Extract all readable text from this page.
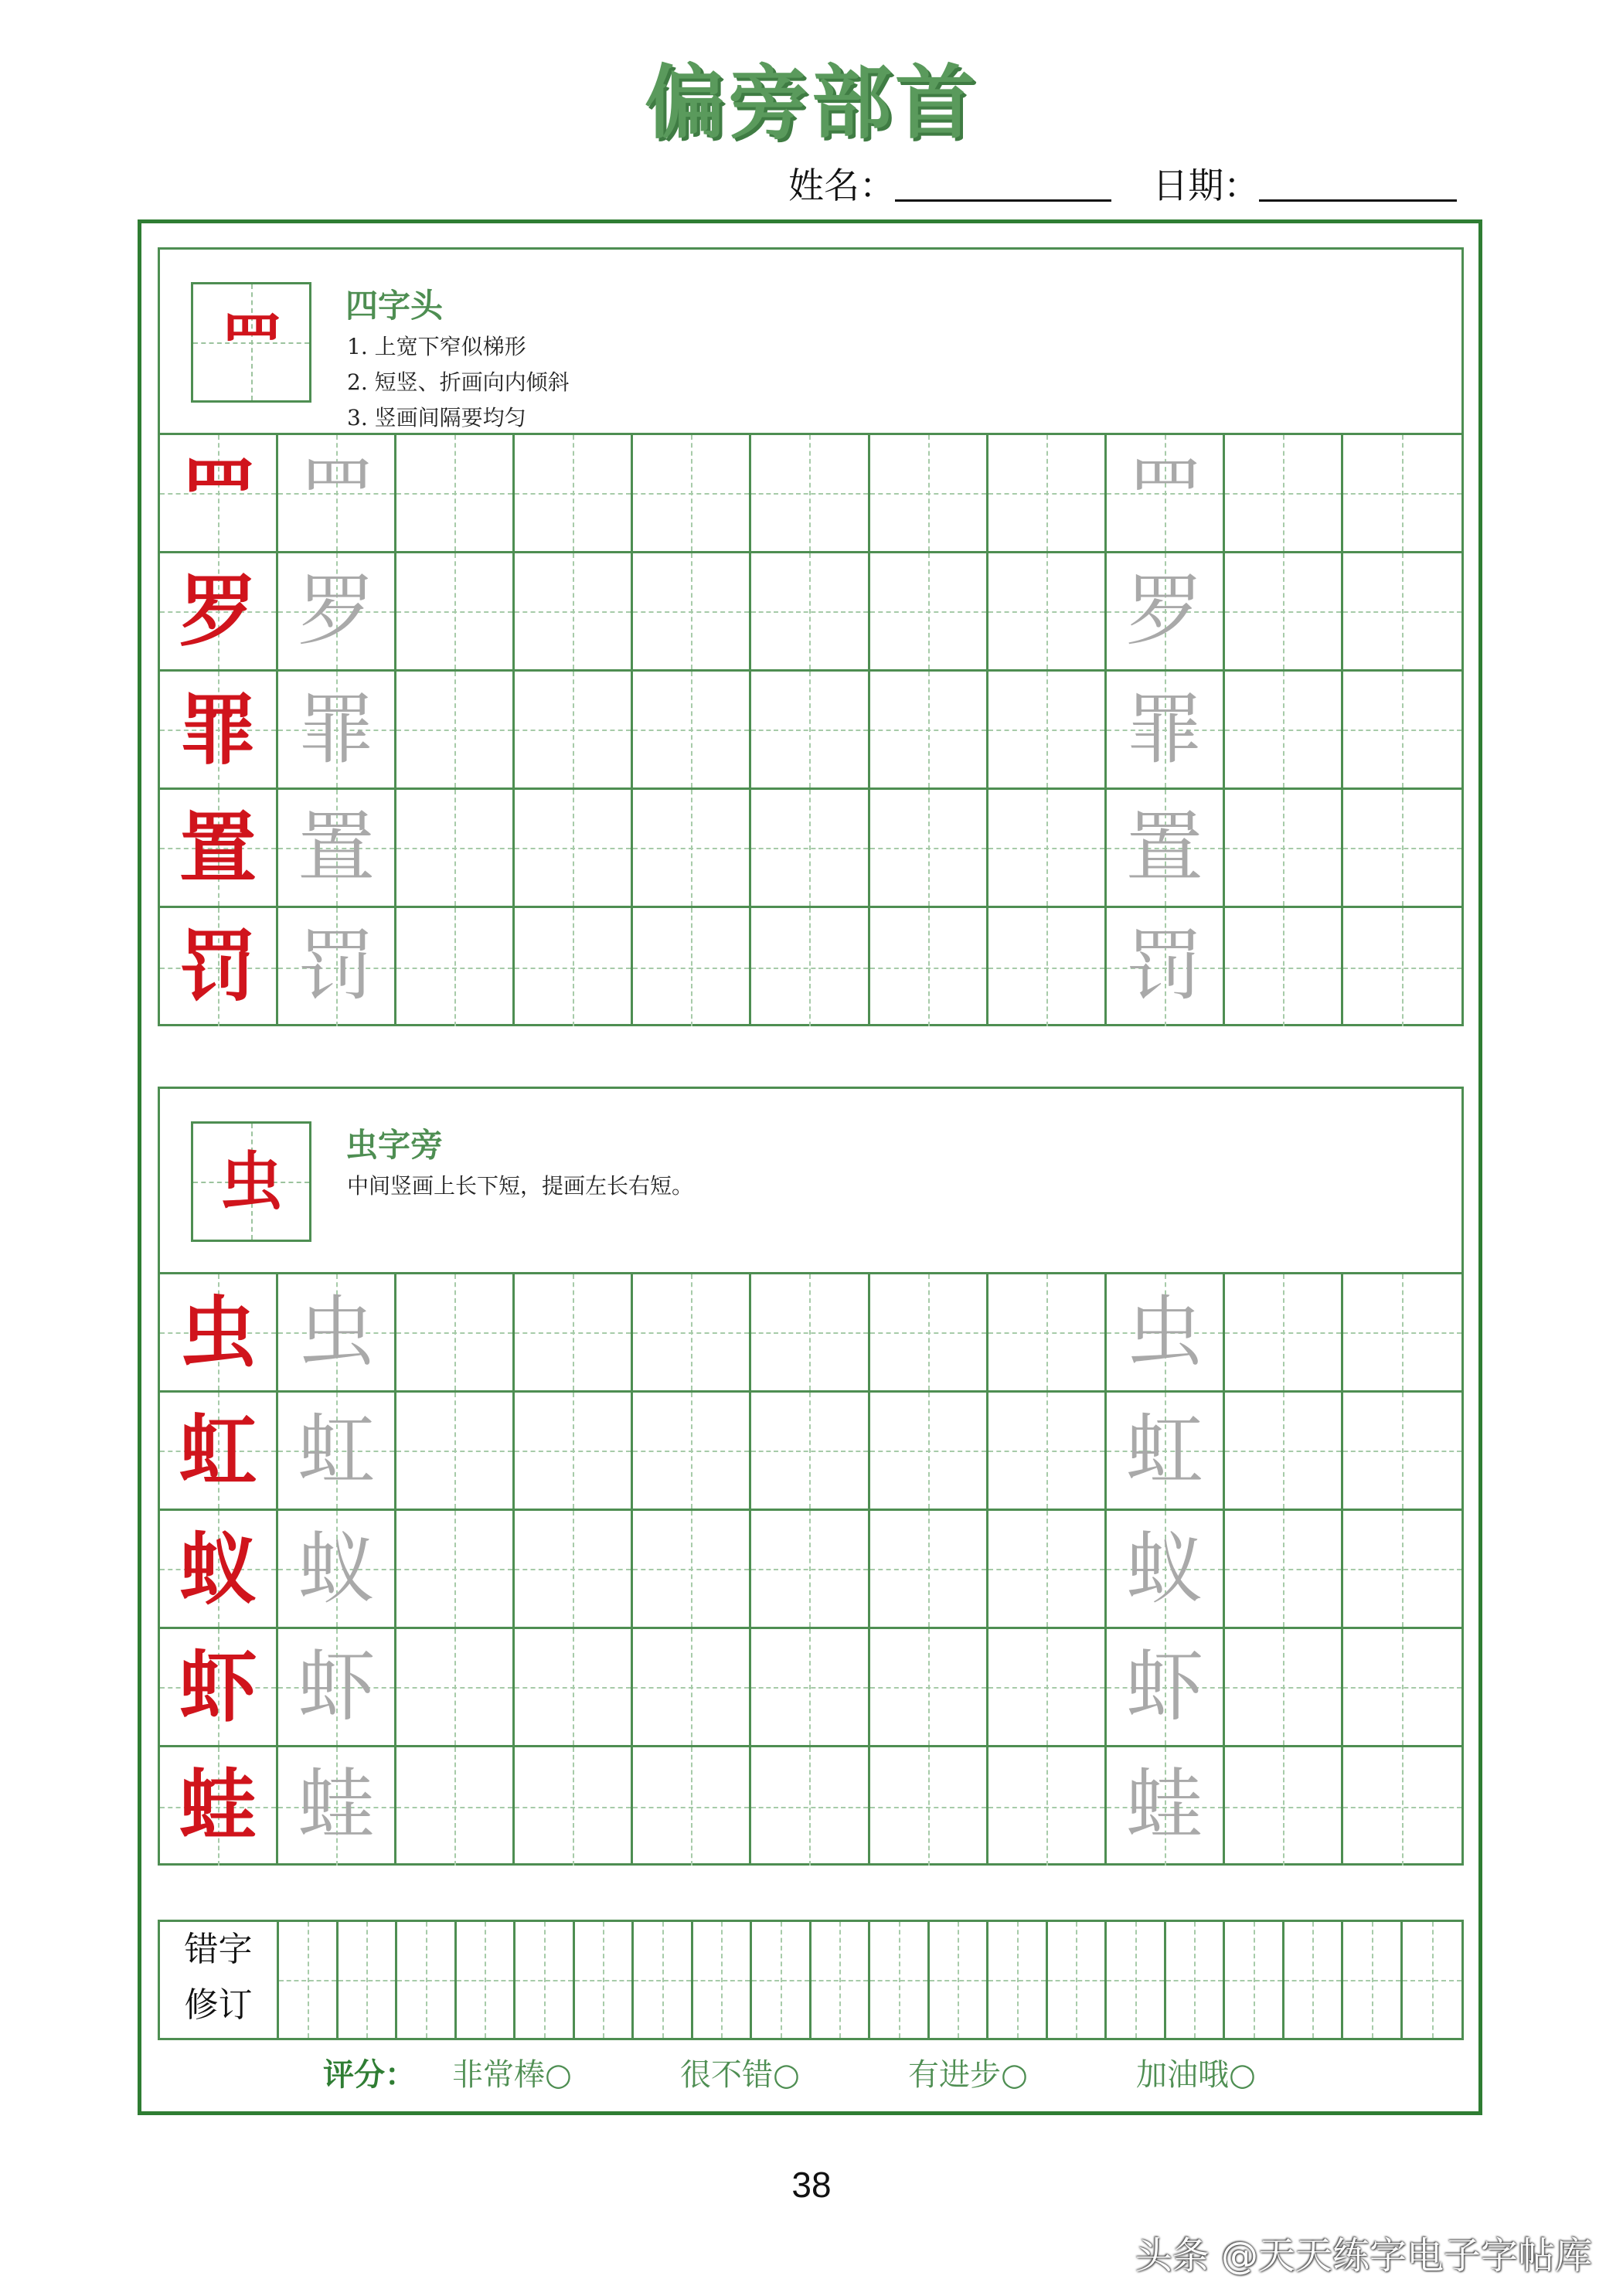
偏旁部首
姓名：	日期：
罒	四字头
1. 上宽下窄似梯形
2. 短竖、折画向内倾斜
3. 竖画间隔要均匀
罒 罒	罒
罗 罗	罗
罪 罪	罪
置 置	置
罚 罚	罚
虫	虫字旁
中间竖画上长下短，提画左长右短。
虫 虫	虫
虹 虹	虹
蚁 蚁	蚁
虾 虾	虾
蛙 蛙	蛙
错字
修订
评分： 非常棒○	很不错○	有进步○	加油哦○
38
头条 @天天练字电子字帖库
